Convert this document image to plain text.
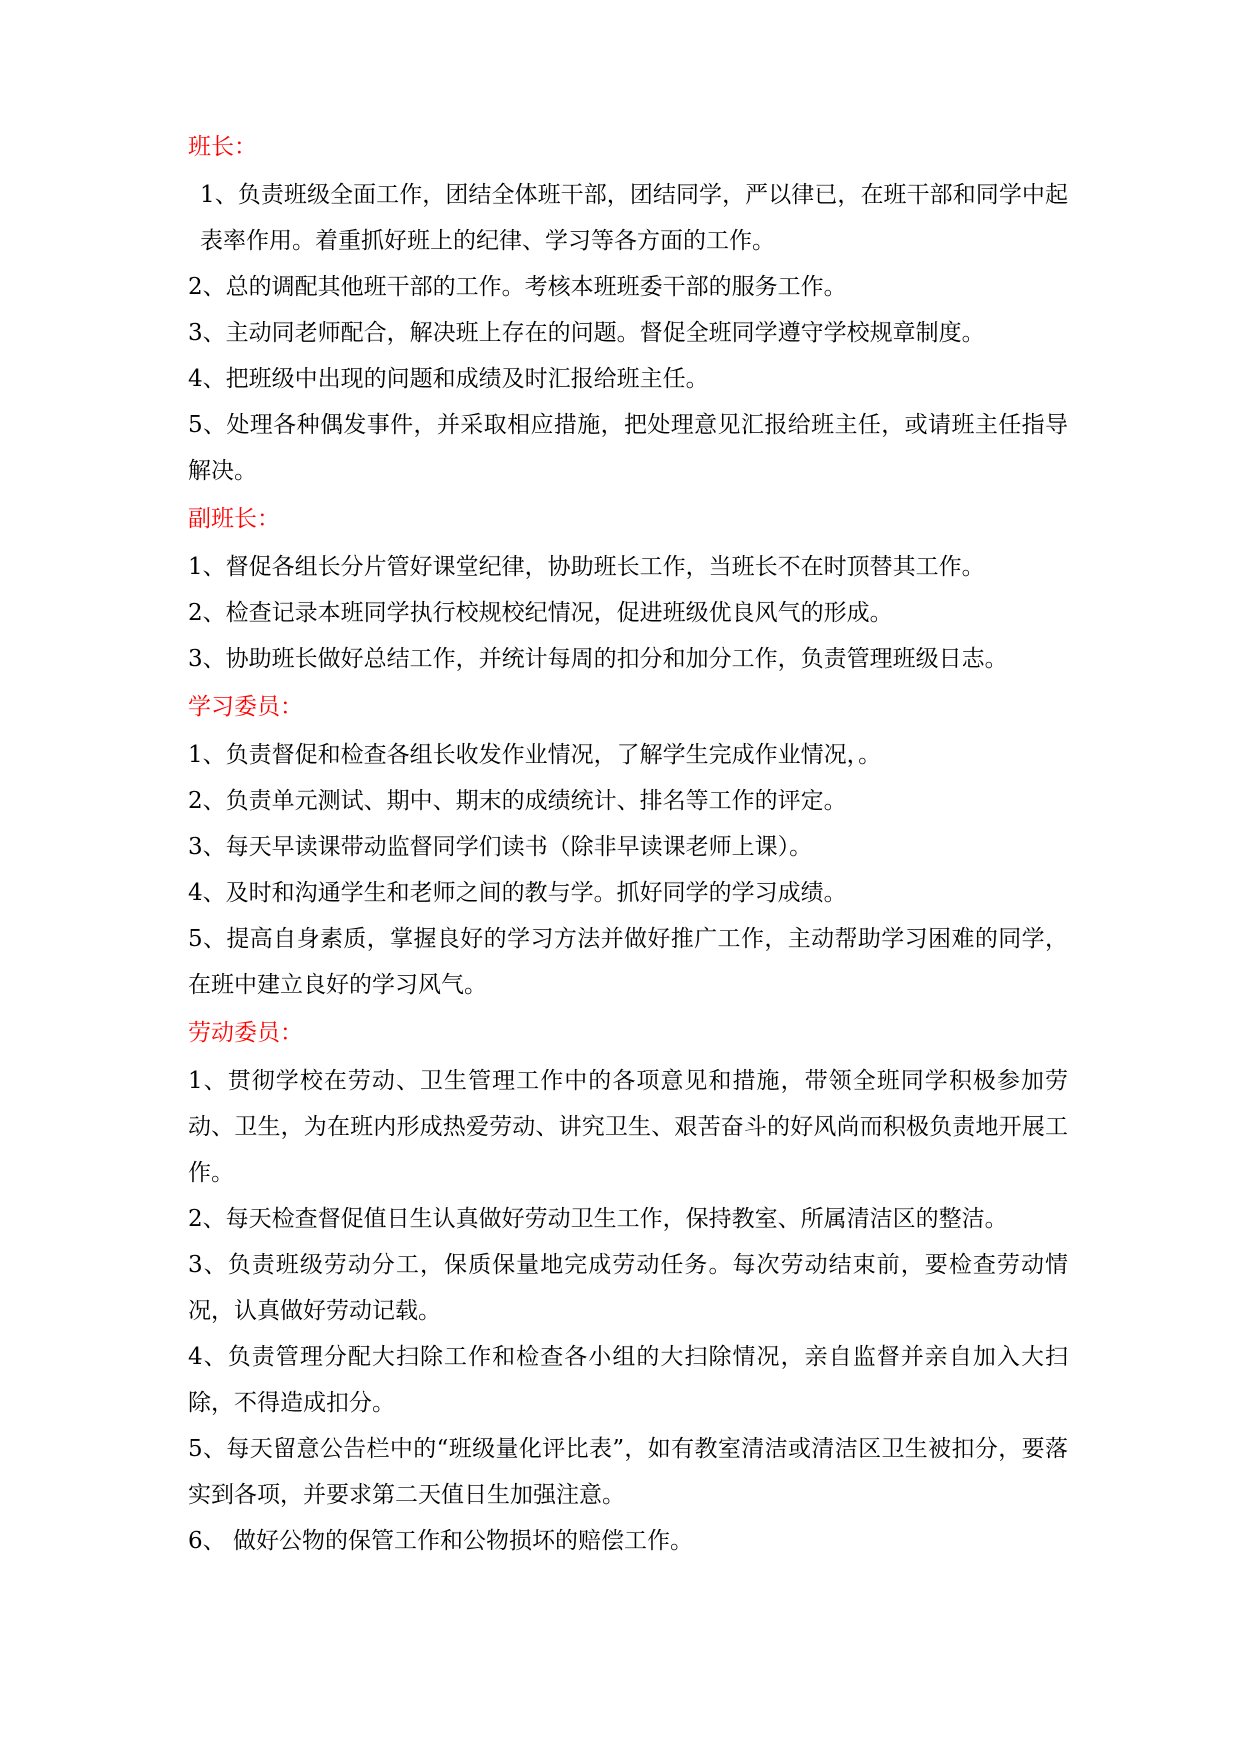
班长：

1、负责班级全面工作，团结全体班干部，团结同学，严以律已，在班干部和同学中起表率作用。着重抓好班上的纪律、学习等各方面的工作。

2、总的调配其他班干部的工作。考核本班班委干部的服务工作。

3、主动同老师配合，解决班上存在的问题。督促全班同学遵守学校规章制度。

4、把班级中出现的问题和成绩及时汇报给班主任。

5、处理各种偶发事件，并采取相应措施，把处理意见汇报给班主任，或请班主任指导解决。

副班长：

1、督促各组长分片管好课堂纪律，协助班长工作，当班长不在时顶替其工作。

2、检查记录本班同学执行校规校纪情况，促进班级优良风气的形成。

3、协助班长做好总结工作，并统计每周的扣分和加分工作，负责管理班级日志。

学习委员：

1、负责督促和检查各组长收发作业情况，了解学生完成作业情况，。

2、负责单元测试、期中、期末的成绩统计、排名等工作的评定。

3、每天早读课带动监督同学们读书（除非早读课老师上课）。

4、及时和沟通学生和老师之间的教与学。抓好同学的学习成绩。

5、提高自身素质，掌握良好的学习方法并做好推广工作，主动帮助学习困难的同学，在班中建立良好的学习风气。

劳动委员：

1、贯彻学校在劳动、卫生管理工作中的各项意见和措施，带领全班同学积极参加劳动、卫生，为在班内形成热爱劳动、讲究卫生、艰苦奋斗的好风尚而积极负责地开展工作。

2、每天检查督促值日生认真做好劳动卫生工作，保持教室、所属清洁区的整洁。

3、负责班级劳动分工，保质保量地完成劳动任务。每次劳动结束前，要检查劳动情况，认真做好劳动记载。

4、负责管理分配大扫除工作和检查各小组的大扫除情况，亲自监督并亲自加入大扫除，不得造成扣分。

5、每天留意公告栏中的“班级量化评比表”，如有教室清洁或清洁区卫生被扣分，要落实到各项，并要求第二天值日生加强注意。

6、 做好公物的保管工作和公物损坏的赔偿工作。
